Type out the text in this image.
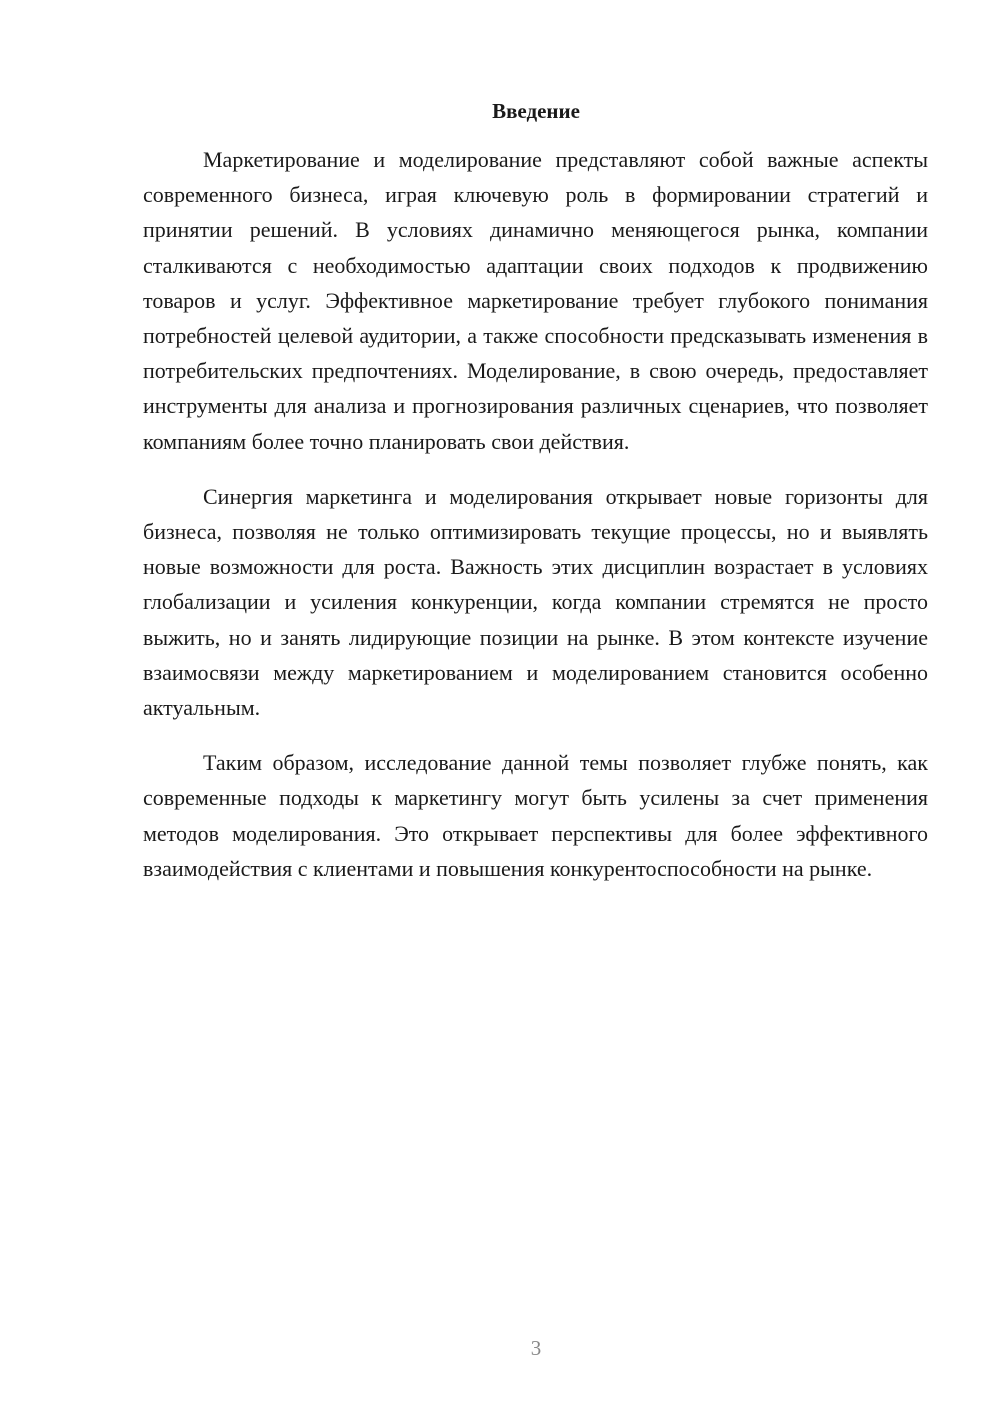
Введение

Маркетирование и моделирование представляют собой важные аспекты современного бизнеса, играя ключевую роль в формировании стратегий и принятии решений. В условиях динамично меняющегося рынка, компании сталкиваются с необходимостью адаптации своих подходов к продвижению товаров и услуг. Эффективное маркетирование требует глубокого понимания потребностей целевой аудитории, а также способности предсказывать изменения в потребительских предпочтениях. Моделирование, в свою очередь, предоставляет инструменты для анализа и прогнозирования различных сценариев, что позволяет компаниям более точно планировать свои действия.

Синергия маркетинга и моделирования открывает новые горизонты для бизнеса, позволяя не только оптимизировать текущие процессы, но и выявлять новые возможности для роста. Важность этих дисциплин возрастает в условиях глобализации и усиления конкуренции, когда компании стремятся не просто выжить, но и занять лидирующие позиции на рынке. В этом контексте изучение взаимосвязи между маркетированием и моделированием становится особенно актуальным.

Таким образом, исследование данной темы позволяет глубже понять, как современные подходы к маркетингу могут быть усилены за счет применения методов моделирования. Это открывает перспективы для более эффективного взаимодействия с клиентами и повышения конкурентоспособности на рынке.

3
